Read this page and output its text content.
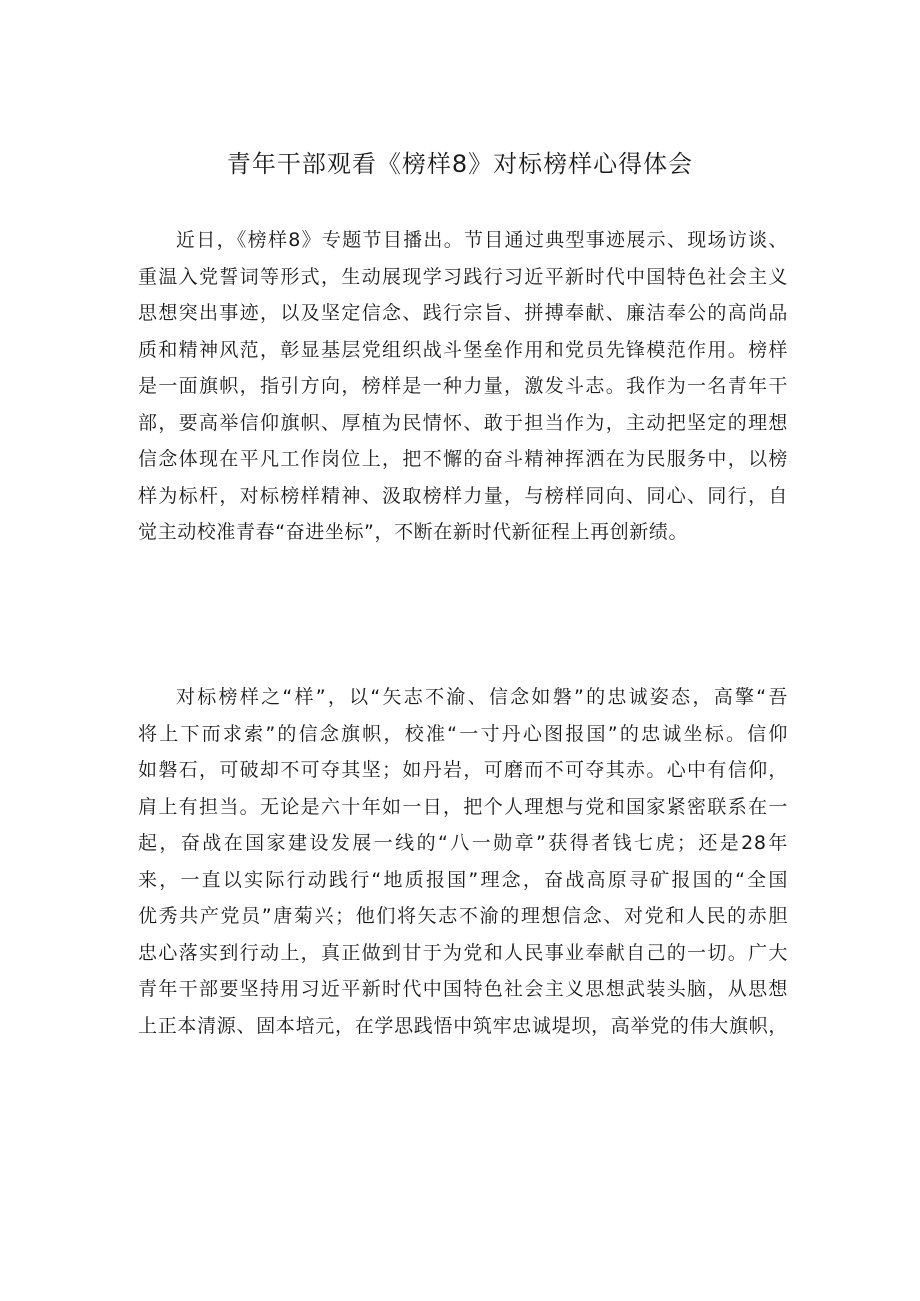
青年干部观看《榜样8》对标榜样心得体会
近日，《榜样8》专题节目播出。节目通过典型事迹展示、现场访谈、
重温入党誓词等形式，生动展现学习践行习近平新时代中国特色社会主义
思想突出事迹，以及坚定信念、践行宗旨、拼搏奉献、廉洁奉公的高尚品
质和精神风范，彰显基层党组织战斗堡垒作用和党员先锋模范作用。榜样
是一面旗帜，指引方向，榜样是一种力量，激发斗志。我作为一名青年干
部，要高举信仰旗帜、厚植为民情怀、敢于担当作为，主动把坚定的理想
信念体现在平凡工作岗位上，把不懈的奋斗精神挥洒在为民服务中，以榜
样为标杆，对标榜样精神、汲取榜样力量，与榜样同向、同心、同行，自
觉主动校准青春“奋进坐标”，不断在新时代新征程上再创新绩。
对标榜样之“样”，以“矢志不渝、信念如磐”的忠诚姿态，高擎“吾
将上下而求索”的信念旗帜，校准“一寸丹心图报国”的忠诚坐标。信仰
如磐石，可破却不可夺其坚；如丹岩，可磨而不可夺其赤。心中有信仰，
肩上有担当。无论是六十年如一日，把个人理想与党和国家紧密联系在一
起，奋战在国家建设发展一线的“八一勋章”获得者钱七虎；还是28年
来，一直以实际行动践行“地质报国”理念，奋战高原寻矿报国的“全国
优秀共产党员”唐菊兴；他们将矢志不渝的理想信念、对党和人民的赤胆
忠心落实到行动上，真正做到甘于为党和人民事业奉献自己的一切。广大
青年干部要坚持用习近平新时代中国特色社会主义思想武装头脑，从思想
上正本清源、固本培元，在学思践悟中筑牢忠诚堤坝，高举党的伟大旗帜，
